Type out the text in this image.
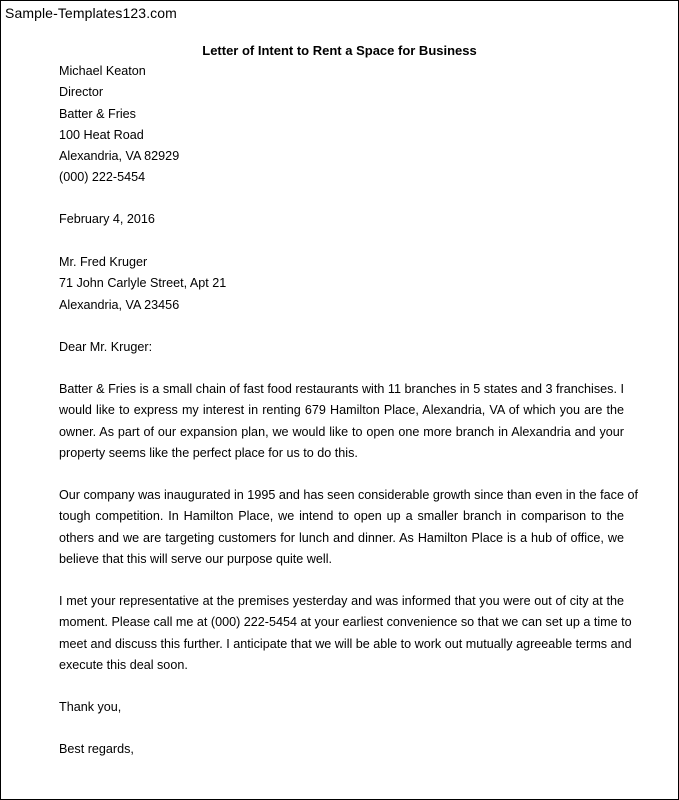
Sample-Templates123.com
Letter of Intent to Rent a Space for Business
Michael Keaton
Director
Batter & Fries
100 Heat Road
Alexandria, VA 82929
(000) 222-5454
February 4, 2016
Mr. Fred Kruger
71 John Carlyle Street, Apt 21
Alexandria, VA 23456
Dear Mr. Kruger:
Batter & Fries is a small chain of fast food restaurants with 11 branches in 5 states and 3 franchises. I
would like to express my interest in renting 679 Hamilton Place, Alexandria, VA of which you are the
owner. As part of our expansion plan, we would like to open one more branch in Alexandria and your
property seems like the perfect place for us to do this.
Our company was inaugurated in 1995 and has seen considerable growth since than even in the face of
tough competition. In Hamilton Place, we intend to open up a smaller branch in comparison to the
others and we are targeting customers for lunch and dinner. As Hamilton Place is a hub of office, we
believe that this will serve our purpose quite well.
I met your representative at the premises yesterday and was informed that you were out of city at the
moment. Please call me at (000) 222-5454 at your earliest convenience so that we can set up a time to
meet and discuss this further. I anticipate that we will be able to work out mutually agreeable terms and
execute this deal soon.
Thank you,
Best regards,
